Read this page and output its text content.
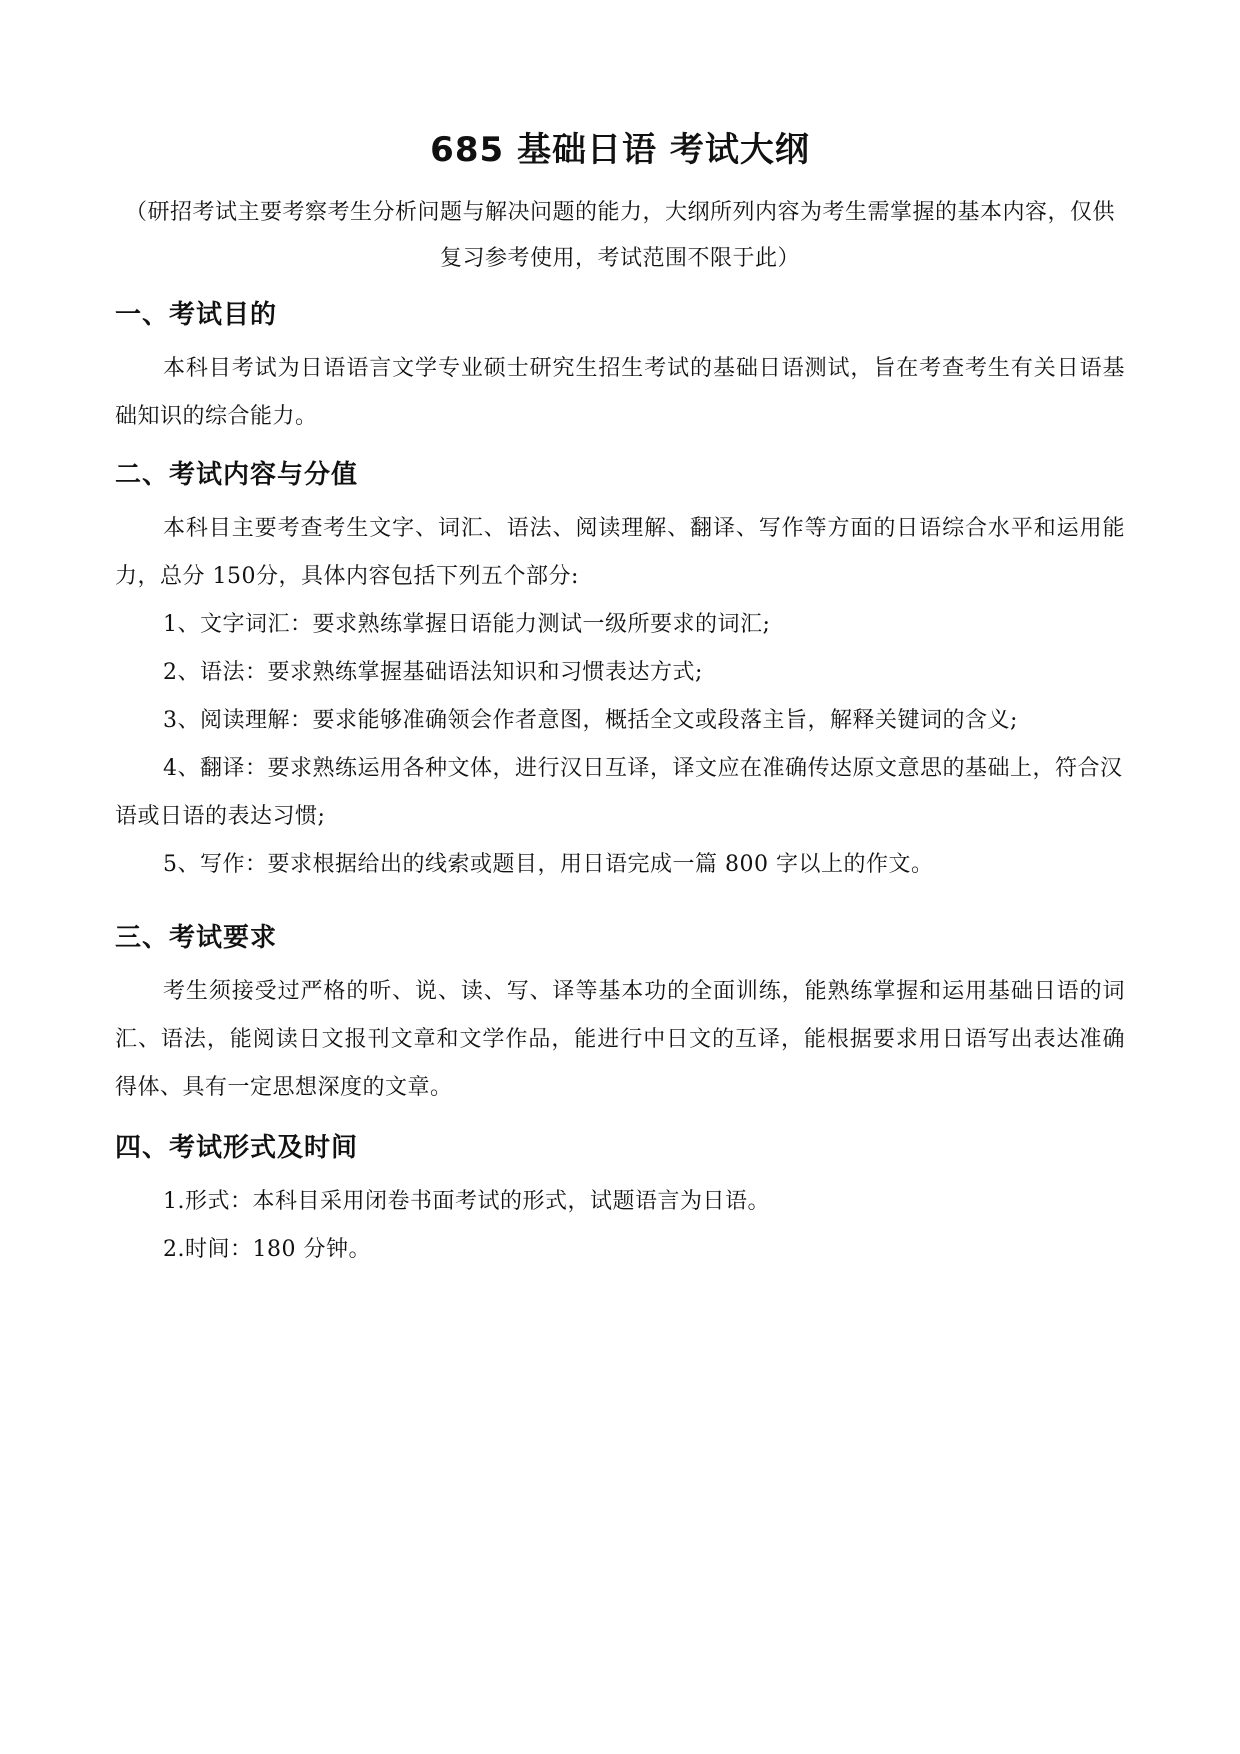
685 基础日语 考试大纲
（研招考试主要考察考生分析问题与解决问题的能力，大纲所列内容为考生需掌握的基本内容，仅供复习参考使用，考试范围不限于此）
一、考试目的

本科目考试为日语语言文学专业硕士研究生招生考试的基础日语测试，旨在考查考生有关日语基础知识的综合能力。

二、考试内容与分值

本科目主要考查考生文字、词汇、语法、阅读理解、翻译、写作等方面的日语综合水平和运用能力，总分 150分，具体内容包括下列五个部分:

1、文字词汇：要求熟练掌握日语能力测试一级所要求的词汇;

2、语法：要求熟练掌握基础语法知识和习惯表达方式;

3、阅读理解：要求能够准确领会作者意图，概括全文或段落主旨，解释关键词的含义;

4、翻译：要求熟练运用各种文体，进行汉日互译，译文应在准确传达原文意思的基础上，符合汉语或日语的表达习惯;

5、写作：要求根据给出的线索或题目，用日语完成一篇 800 字以上的作文。

三、考试要求

考生须接受过严格的听、说、读、写、译等基本功的全面训练，能熟练掌握和运用基础日语的词汇、语法，能阅读日文报刊文章和文学作品，能进行中日文的互译，能根据要求用日语写出表达准确得体、具有一定思想深度的文章。

四、考试形式及时间

1.形式：本科目采用闭卷书面考试的形式，试题语言为日语。

2.时间：180 分钟。
